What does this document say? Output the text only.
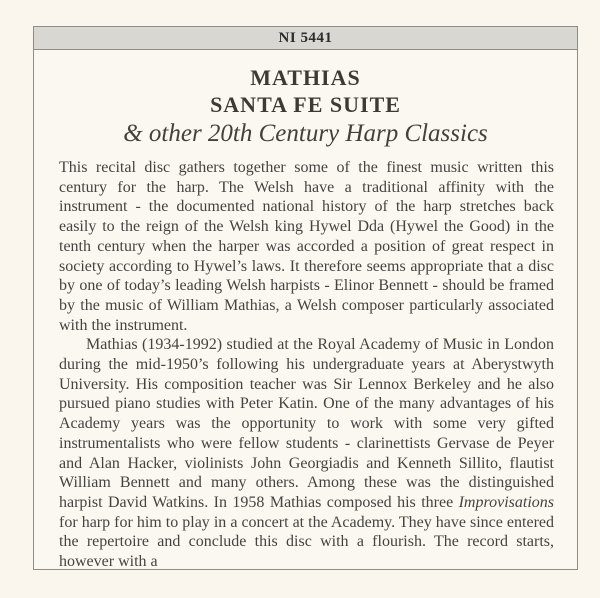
NI 5441
MATHIAS
SANTA FE SUITE
& other 20th Century Harp Classics

This recital disc gathers together some of the finest music written this century for the harp. The Welsh have a traditional affinity with the instrument - the documented national history of the harp stretches back easily to the reign of the Welsh king Hywel Dda (Hywel the Good) in the tenth century when the harper was accorded a position of great respect in society according to Hywel’s laws. It therefore seems appropriate that a disc by one of today’s leading Welsh harpists - Elinor Bennett - should be framed by the music of William Mathias, a Welsh composer particularly associated with the instrument.

Mathias (1934-1992) studied at the Royal Academy of Music in London during the mid-1950’s following his undergraduate years at Aberystwyth University. His composition teacher was Sir Lennox Berkeley and he also pursued piano studies with Peter Katin. One of the many advantages of his Academy years was the opportunity to work with some very gifted instrumentalists who were fellow students - clarinettists Gervase de Peyer and Alan Hacker, violinists John Georgiadis and Kenneth Sillito, flautist William Bennett and many others. Among these was the distinguished harpist David Watkins. In 1958 Mathias composed his three Improvisations for harp for him to play in a concert at the Academy. They have since entered the repertoire and conclude this disc with a flourish. The record starts, however with a
